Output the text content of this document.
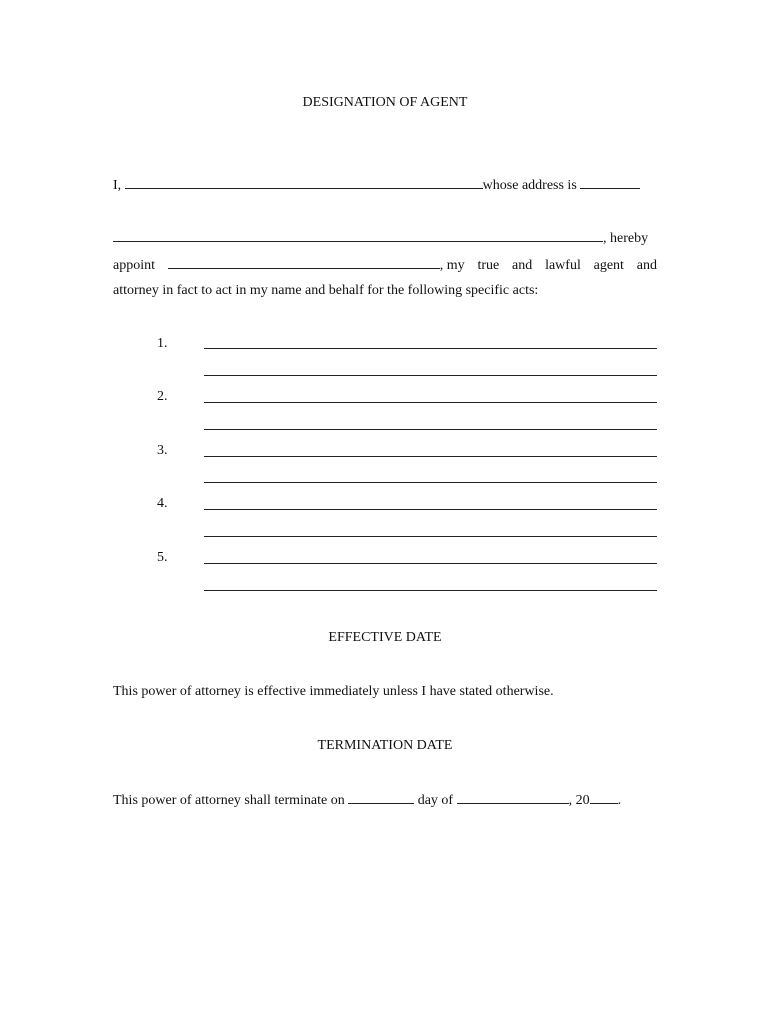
DESIGNATION OF AGENT
I,	whose address is
, hereby
appoint	, my true and lawful agent and
attorney in fact to act in my name and behalf for the following specific acts:
1.
2.
3.
4.
5.
EFFECTIVE DATE
This power of attorney is effective immediately unless I have stated otherwise.
TERMINATION DATE
This power of attorney shall terminate on	day of	, 20 .
